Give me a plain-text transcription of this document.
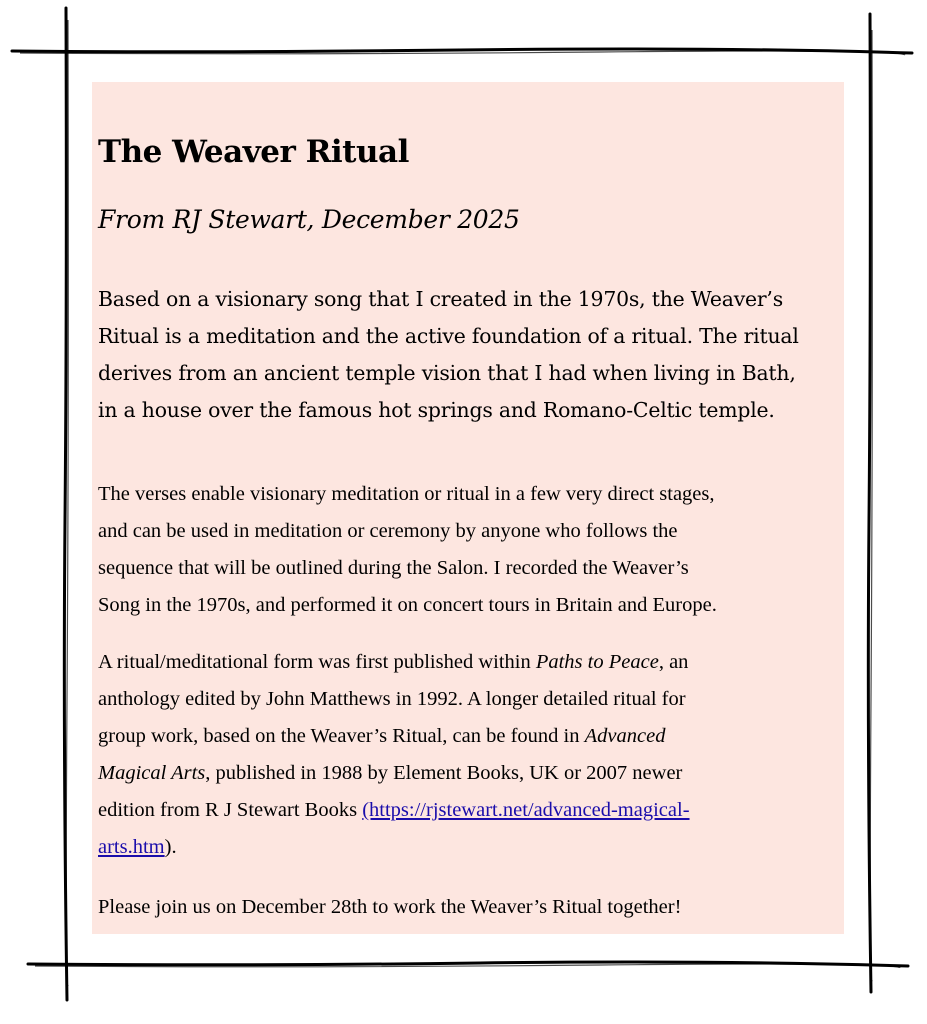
The Weaver Ritual
From RJ Stewart, December 2025
Based on a visionary song that I created in the 1970s, the Weaver’s
Ritual is a meditation and the active foundation of a ritual. The ritual
derives from an ancient temple vision that I had when living in Bath,
in a house over the famous hot springs and Romano-Celtic temple.
The verses enable visionary meditation or ritual in a few very direct stages,
and can be used in meditation or ceremony by anyone who follows the
sequence that will be outlined during the Salon. I recorded the Weaver’s
Song in the 1970s, and performed it on concert tours in Britain and Europe.
A ritual/meditational form was first published within Paths to Peace, an
anthology edited by John Matthews in 1992. A longer detailed ritual for
group work, based on the Weaver’s Ritual, can be found in Advanced
Magical Arts, published in 1988 by Element Books, UK or 2007 newer
edition from R J Stewart Books (https://rjstewart.net/advanced-magical-
arts.htm).
Please join us on December 28th to work the Weaver’s Ritual together!
